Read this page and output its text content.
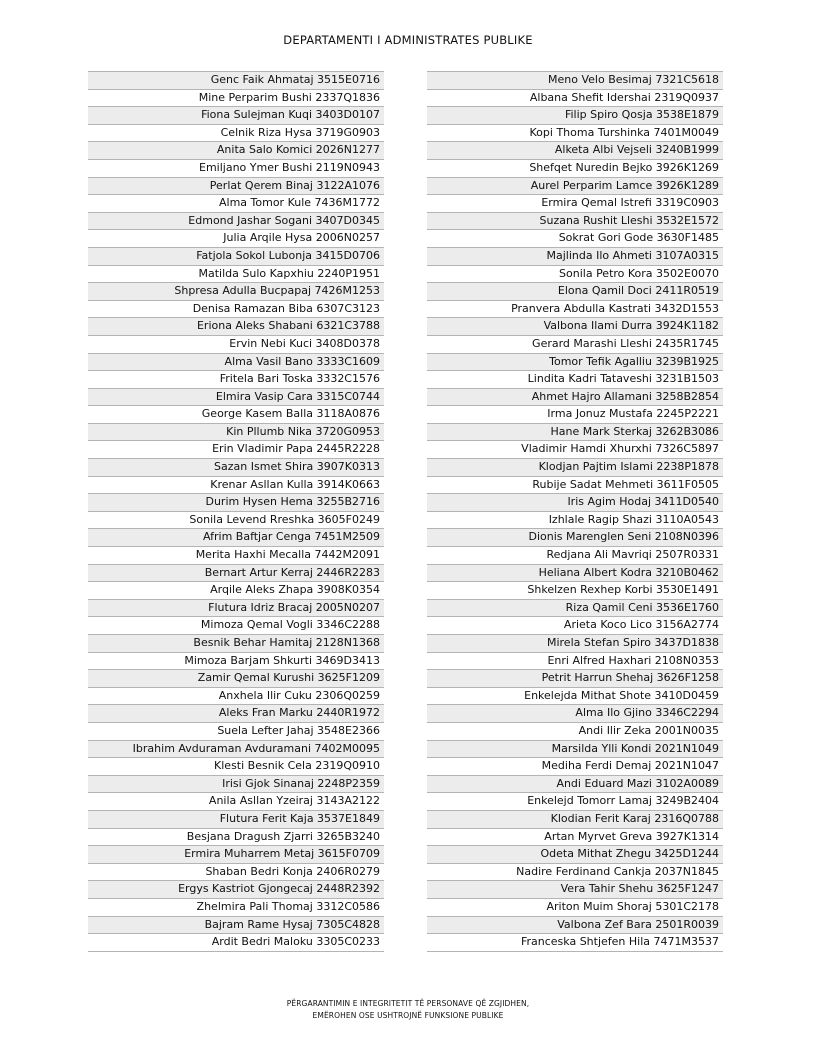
DEPARTAMENTI I ADMINISTRATES PUBLIKE
Genc Faik Ahmataj 3515E0716
Mine Perparim Bushi 2337Q1836
Fiona Sulejman Kuqi 3403D0107
Celnik Riza Hysa 3719G0903
Anita Salo Komici 2026N1277
Emiljano Ymer Bushi 2119N0943
Perlat Qerem Binaj 3122A1076
Alma Tomor Kule 7436M1772
Edmond Jashar Sogani 3407D0345
Julia Arqile Hysa 2006N0257
Fatjola Sokol Lubonja 3415D0706
Matilda Sulo Kapxhiu 2240P1951
Shpresa Adulla Bucpapaj 7426M1253
Denisa Ramazan Biba 6307C3123
Eriona Aleks Shabani 6321C3788
Ervin Nebi Kuci 3408D0378
Alma Vasil Bano 3333C1609
Fritela Bari Toska 3332C1576
Elmira Vasip Cara 3315C0744
George Kasem Balla 3118A0876
Kin Pllumb Nika 3720G0953
Erin Vladimir Papa 2445R2228
Sazan Ismet Shira 3907K0313
Krenar Asllan Kulla 3914K0663
Durim Hysen Hema 3255B2716
Sonila Levend Rreshka 3605F0249
Afrim Baftjar Cenga 7451M2509
Merita Haxhi Mecalla 7442M2091
Bernart Artur Kerraj 2446R2283
Arqile Aleks Zhapa 3908K0354
Flutura Idriz Bracaj 2005N0207
Mimoza Qemal Vogli 3346C2288
Besnik Behar Hamitaj 2128N1368
Mimoza Barjam Shkurti 3469D3413
Zamir Qemal Kurushi 3625F1209
Anxhela Ilir Cuku 2306Q0259
Aleks Fran Marku 2440R1972
Suela Lefter Jahaj 3548E2366
Ibrahim Avduraman Avduramani 7402M0095
Klesti Besnik Cela 2319Q0910
Irisi Gjok Sinanaj 2248P2359
Anila Asllan Yzeiraj 3143A2122
Flutura Ferit Kaja 3537E1849
Besjana Dragush Zjarri 3265B3240
Ermira Muharrem Metaj 3615F0709
Shaban Bedri Konja 2406R0279
Ergys Kastriot Gjongecaj 2448R2392
Zhelmira Pali Thomaj 3312C0586
Bajram Rame Hysaj 7305C4828
Ardit Bedri Maloku 3305C0233
Meno Velo Besimaj 7321C5618
Albana Shefit Idershai 2319Q0937
Filip Spiro Qosja 3538E1879
Kopi Thoma Turshinka 7401M0049
Alketa Albi Vejseli 3240B1999
Shefqet Nuredin Bejko 3926K1269
Aurel Perparim Lamce 3926K1289
Ermira Qemal Istrefi 3319C0903
Suzana Rushit Lleshi 3532E1572
Sokrat Gori Gode 3630F1485
Majlinda Ilo Ahmeti 3107A0315
Sonila Petro Kora 3502E0070
Elona Qamil Doci 2411R0519
Pranvera Abdulla Kastrati 3432D1553
Valbona Ilami Durra 3924K1182
Gerard Marashi Lleshi 2435R1745
Tomor Tefik Agalliu 3239B1925
Lindita Kadri Tataveshi 3231B1503
Ahmet Hajro Allamani 3258B2854
Irma Jonuz Mustafa 2245P2221
Hane Mark Sterkaj 3262B3086
Vladimir Hamdi Xhurxhi 7326C5897
Klodjan Pajtim Islami 2238P1878
Rubije Sadat Mehmeti 3611F0505
Iris Agim Hodaj 3411D0540
Izhlale Ragip Shazi 3110A0543
Dionis Marenglen Seni 2108N0396
Redjana Ali Mavriqi 2507R0331
Heliana Albert Kodra 3210B0462
Shkelzen Rexhep Korbi 3530E1491
Riza Qamil Ceni 3536E1760
Arieta Koco Lico 3156A2774
Mirela Stefan Spiro 3437D1838
Enri Alfred Haxhari 2108N0353
Petrit Harrun Shehaj 3626F1258
Enkelejda Mithat Shote 3410D0459
Alma Ilo Gjino 3346C2294
Andi Ilir Zeka 2001N0035
Marsilda Ylli Kondi 2021N1049
Mediha Ferdi Demaj 2021N1047
Andi Eduard Mazi 3102A0089
Enkelejd Tomorr Lamaj 3249B2404
Klodian Ferit Karaj 2316Q0788
Artan Myrvet Greva 3927K1314
Odeta Mithat Zhegu 3425D1244
Nadire Ferdinand Cankja 2037N1845
Vera Tahir Shehu 3625F1247
Ariton Muim Shoraj 5301C2178
Valbona Zef Bara 2501R0039
Franceska Shtjefen Hila 7471M3537
PËRGARANTIMIN E INTEGRITETIT TË PERSONAVE QË ZGJIDHEN,
EMËROHEN OSE USHTROJNË FUNKSIONE PUBLIKE
